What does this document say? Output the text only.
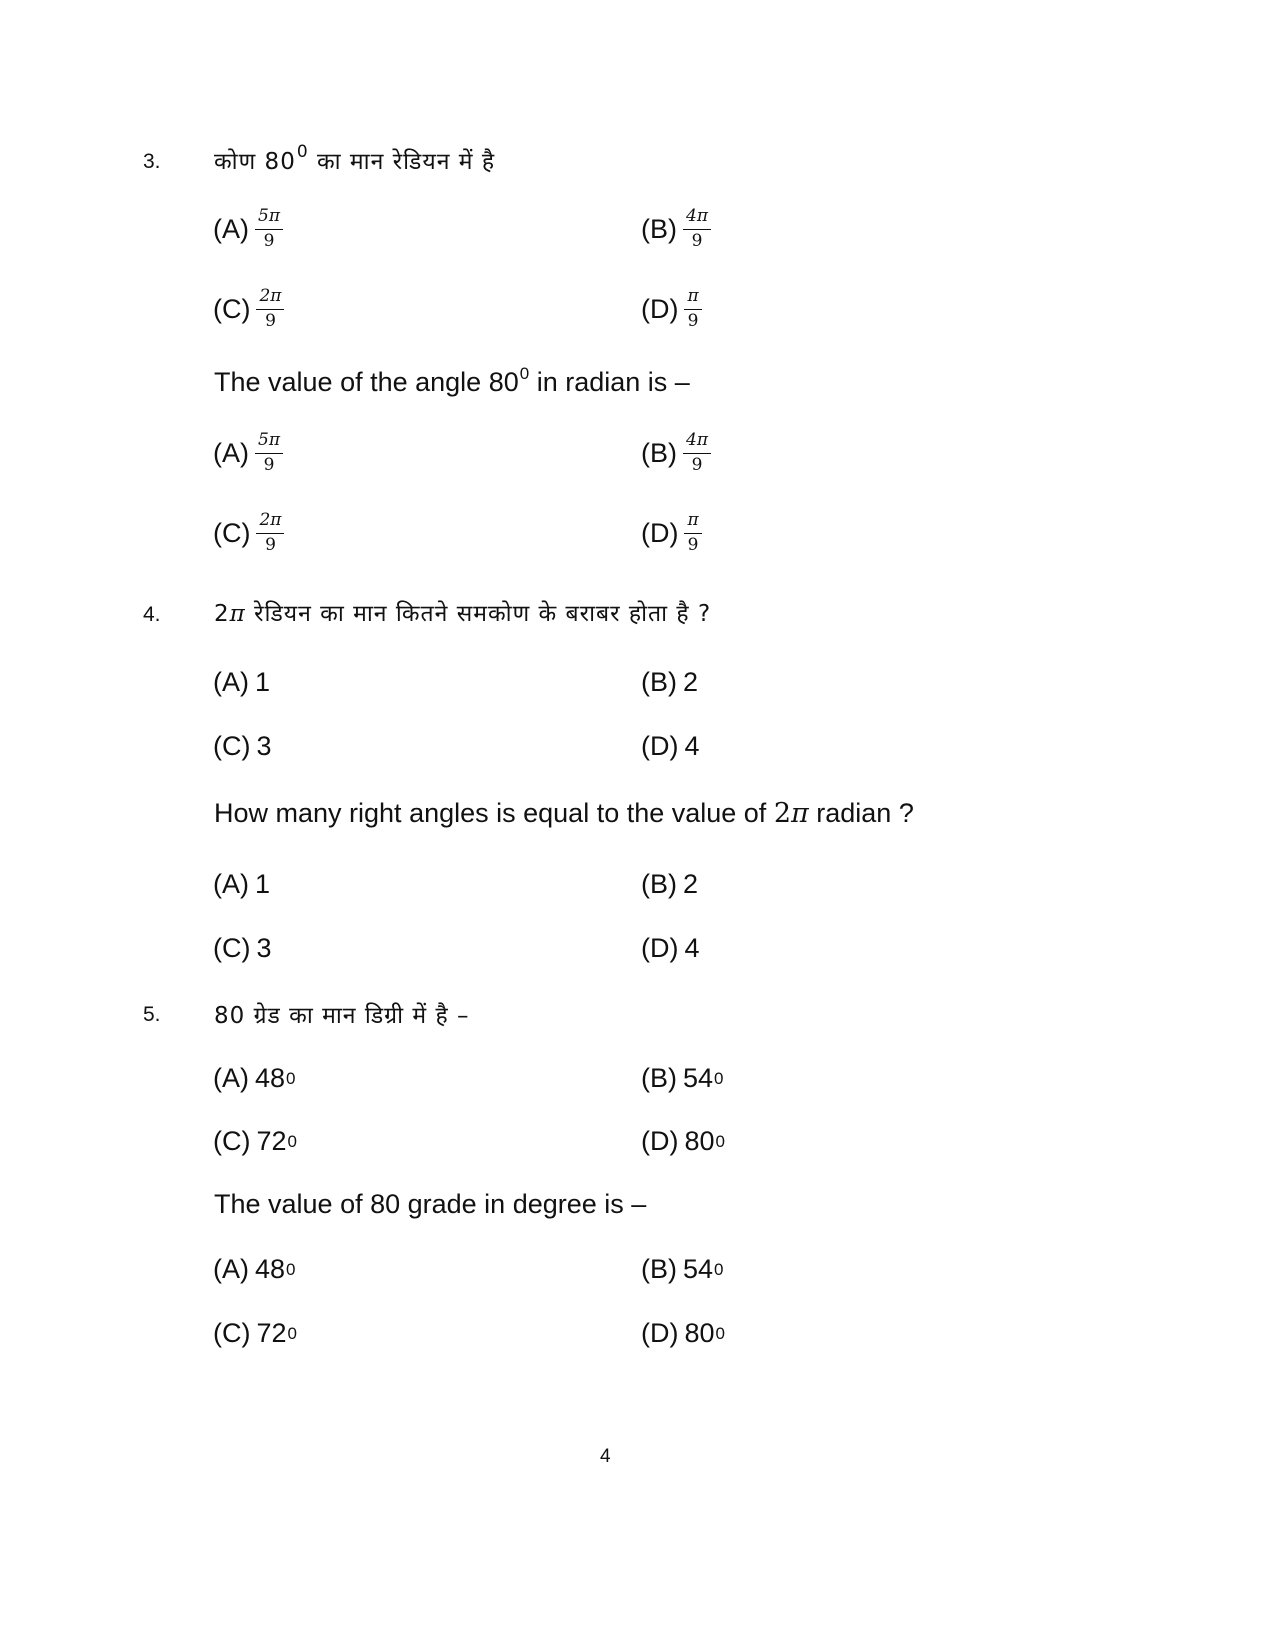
3. कोण $80^0$ का मान रेडियन में है
$(A) \frac{5\pi}{9}$	$(B) \frac{4\pi}{9}$
$(C) \frac{2\pi}{9}$	$(D) \frac{\pi}{9}$
The value of the angle $80^0$ in radian is –
$(A) \frac{5\pi}{9}$	$(B) \frac{4\pi}{9}$
$(C) \frac{2\pi}{9}$	$(D) \frac{\pi}{9}$
4. 2π रेडियन का मान कितने समकोण के बराबर होता है ?
(A) 1	(B) 2
(C) 3	(D) 4
How many right angles is equal to the value of 2π radian ?
(A) 1	(B) 2
(C) 3	(D) 4
5. 80 ग्रेड का मान डिग्री में है –
(A) 48 0	(B) 54 0
(C) 72 0	(D) 80 0
The value of 80 grade in degree is –
(A) 48 0	(B) 54 0
(C) 72 0	(D) 80 0
4
